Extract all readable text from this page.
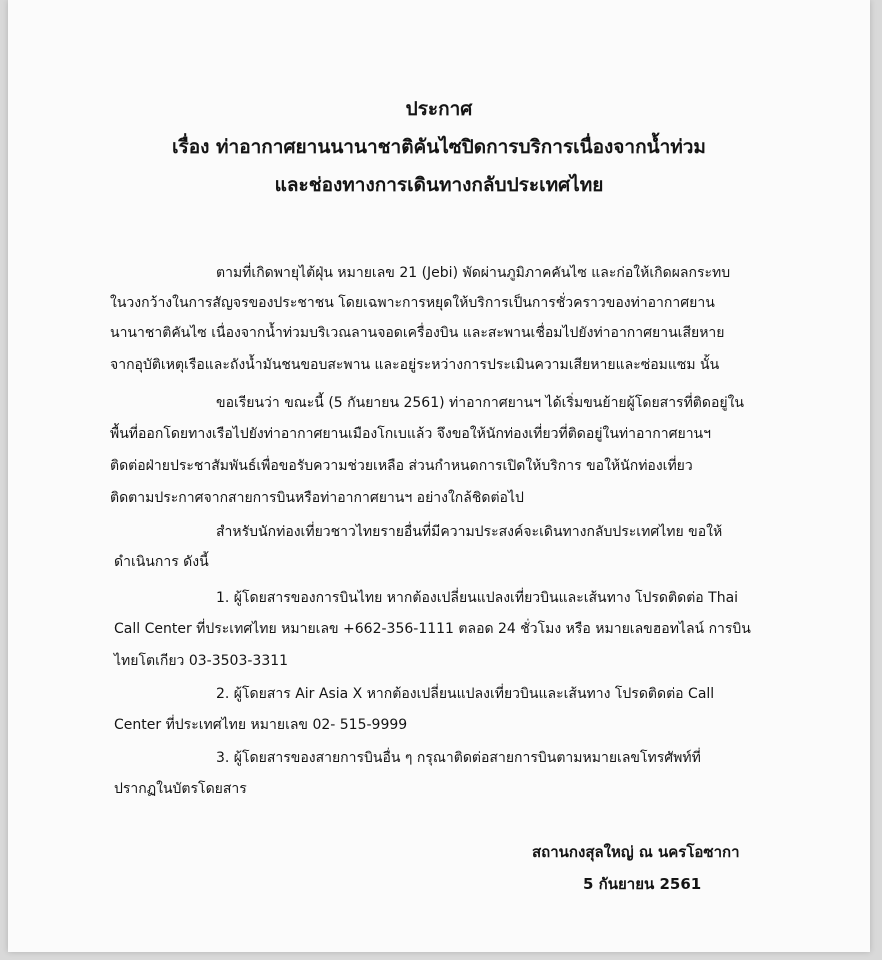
ประกาศ
เรื่อง ท่าอากาศยานนานาชาติคันไซปิดการบริการเนื่องจากน้ำท่วม
และช่องทางการเดินทางกลับประเทศไทย
ตามที่เกิดพายุไต้ฝุ่น หมายเลข 21 (Jebi) พัดผ่านภูมิภาคคันไซ และก่อให้เกิดผลกระทบ
ในวงกว้างในการสัญจรของประชาชน โดยเฉพาะการหยุดให้บริการเป็นการชั่วคราวของท่าอากาศยาน
นานาชาติคันไซ เนื่องจากน้ำท่วมบริเวณลานจอดเครื่องบิน และสะพานเชื่อมไปยังท่าอากาศยานเสียหาย
จากอุบัติเหตุเรือและถังน้ำมันชนขอบสะพาน และอยู่ระหว่างการประเมินความเสียหายและซ่อมแซม นั้น
ขอเรียนว่า ขณะนี้ (5 กันยายน 2561) ท่าอากาศยานฯ ได้เริ่มขนย้ายผู้โดยสารที่ติดอยู่ใน
พื้นที่ออกโดยทางเรือไปยังท่าอากาศยานเมืองโกเบแล้ว จึงขอให้นักท่องเที่ยวที่ติดอยู่ในท่าอากาศยานฯ
ติดต่อฝ่ายประชาสัมพันธ์เพื่อขอรับความช่วยเหลือ ส่วนกำหนดการเปิดให้บริการ ขอให้นักท่องเที่ยว
ติดตามประกาศจากสายการบินหรือท่าอากาศยานฯ อย่างใกล้ชิดต่อไป
สำหรับนักท่องเที่ยวชาวไทยรายอื่นที่มีความประสงค์จะเดินทางกลับประเทศไทย ขอให้
ดำเนินการ ดังนี้
1. ผู้โดยสารของการบินไทย หากต้องเปลี่ยนแปลงเที่ยวบินและเส้นทาง โปรดติดต่อ Thai
Call Center ที่ประเทศไทย หมายเลข +662-356-1111 ตลอด 24 ชั่วโมง หรือ หมายเลขฮอทไลน์ การบิน
ไทยโตเกียว 03-3503-3311
2. ผู้โดยสาร Air Asia X หากต้องเปลี่ยนแปลงเที่ยวบินและเส้นทาง โปรดติดต่อ Call
Center ที่ประเทศไทย หมายเลข 02- 515-9999
3. ผู้โดยสารของสายการบินอื่น ๆ กรุณาติดต่อสายการบินตามหมายเลขโทรศัพท์ที่
ปรากฏในบัตรโดยสาร
สถานกงสุลใหญ่ ณ นครโอซากา
5 กันยายน 2561
